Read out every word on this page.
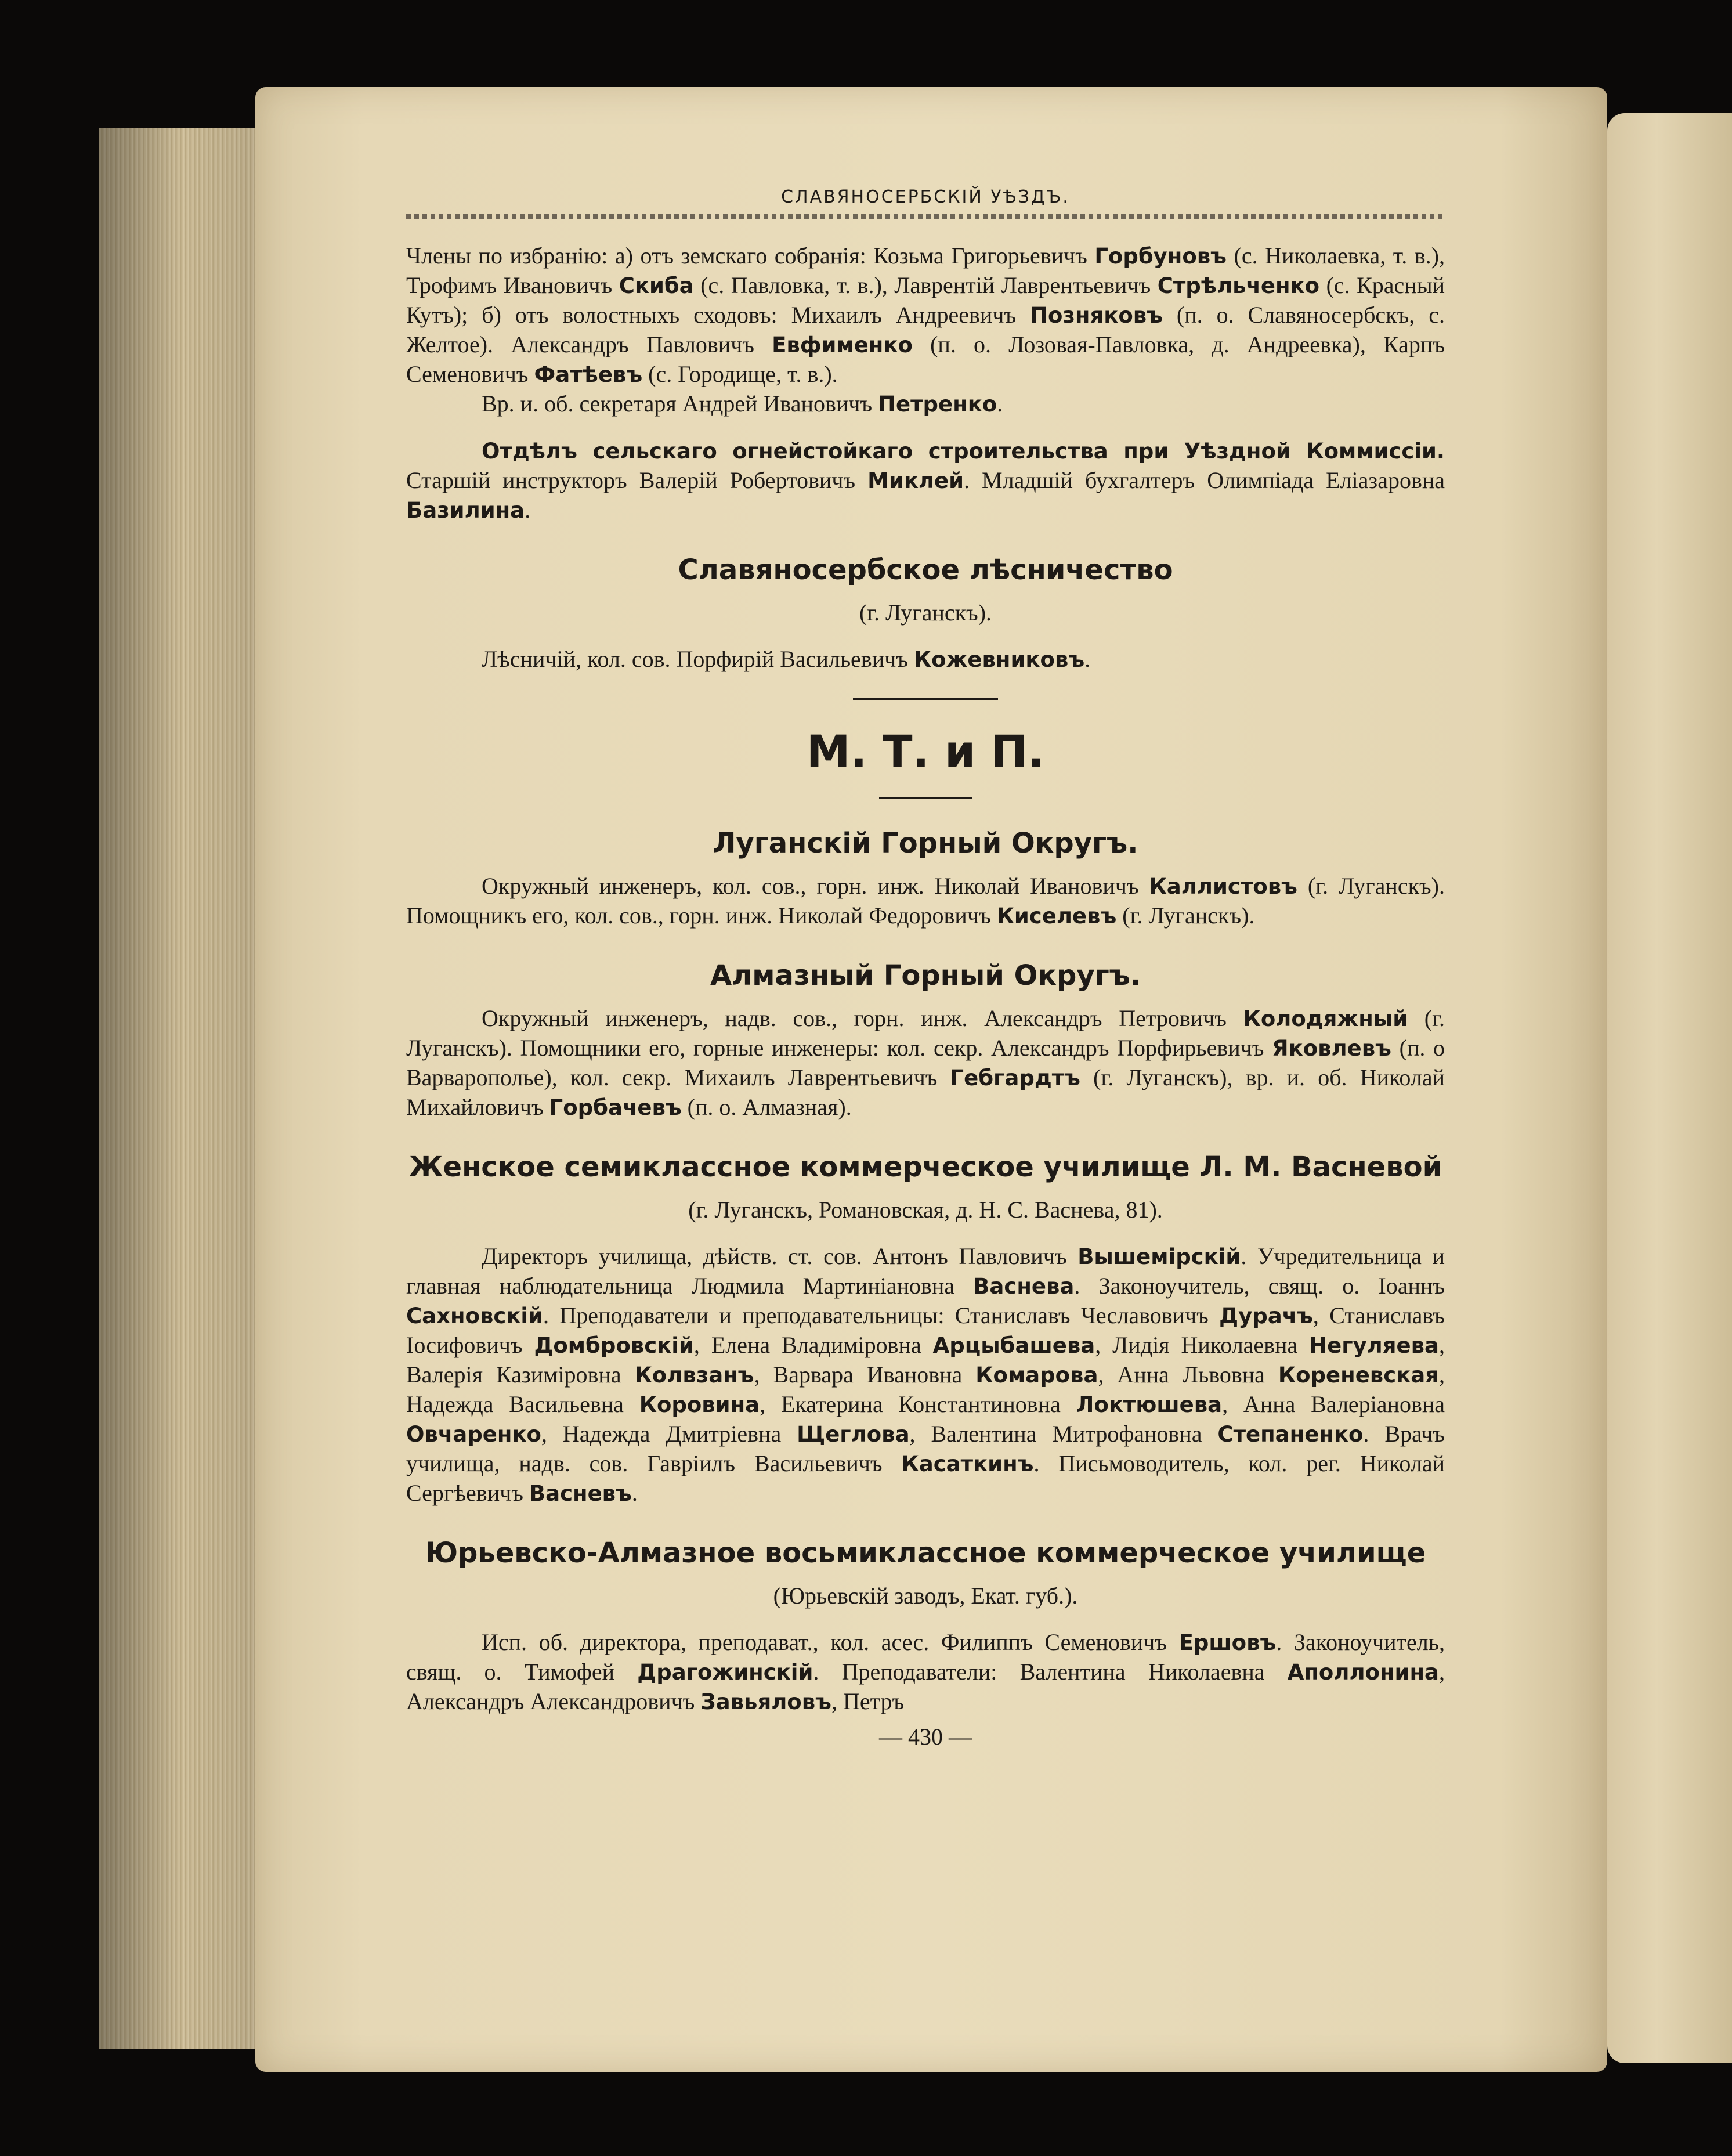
СЛАВЯНОСЕРБСКІЙ УѢЗДЪ.

Члены по избранію: а) отъ земскаго собранія: Козьма Григорьевичъ Горбуновъ (с. Николаевка, т. в.), Трофимъ Ивановичъ Скиба (с. Павловка, т. в.), Лаврентій Лаврентьевичъ Стрѣльченко (с. Красный Кутъ); б) отъ волостныхъ сходовъ: Михаилъ Андреевичъ Позняковъ (п. о. Славяносербскъ, с. Желтое). Александръ Павловичъ Евфименко (п. о. Лозовая-Павловка, д. Андреевка), Карпъ Семеновичъ Фатѣевъ (с. Городище, т. в.).

Вр. и. об. секретаря Андрей Ивановичъ Петренко.

Отдѣлъ сельскаго огнейстойкаго строительства при Уѣздной Коммиссіи. Старшій инструкторъ Валерій Робертовичъ Миклей. Младшій бухгалтеръ Олимпіада Еліазаровна Базилина.

Славяносербское лѣсничество
(г. Луганскъ).

Лѣсничій, кол. сов. Порфирій Васильевичъ Кожевниковъ.

М. Т. и П.
Луганскій Горный Округъ.

Окружный инженеръ, кол. сов., горн. инж. Николай Ивановичъ Каллистовъ (г. Луганскъ). Помощникъ его, кол. сов., горн. инж. Николай Федоровичъ Киселевъ (г. Луганскъ).

Алмазный Горный Округъ.

Окружный инженеръ, надв. сов., горн. инж. Александръ Петровичъ Колодяжный (г. Луганскъ). Помощники его, горные инженеры: кол. секр. Александръ Порфирьевичъ Яковлевъ (п. о Варварополье), кол. секр. Михаилъ Лаврентьевичъ Гебгардтъ (г. Луганскъ), вр. и. об. Николай Михайловичъ Горбачевъ (п. о. Алмазная).

Женское семиклассное коммерческое училище Л. М. Васневой
(г. Луганскъ, Романовская, д. Н. С. Васнева, 81).

Директоръ училища, дѣйств. ст. сов. Антонъ Павловичъ Вышемірскій. Учредительница и главная наблюдательница Людмила Мартиніановна Васнева. Законоучитель, свящ. о. Іоаннъ Сахновскій. Преподаватели и преподавательницы: Станиславъ Чеславовичъ Дурачъ, Станиславъ Іосифовичъ Домбровскій, Елена Владиміровна Арцыбашева, Лидія Николаевна Негуляева, Валерія Казиміровна Колвзанъ, Варвара Ивановна Комарова, Анна Львовна Кореневская, Надежда Васильевна Коровина, Екатерина Константиновна Локтюшева, Анна Валеріановна Овчаренко, Надежда Дмитріевна Щеглова, Валентина Митрофановна Степаненко. Врачъ училища, надв. сов. Гавріилъ Васильевичъ Касаткинъ. Письмоводитель, кол. рег. Николай Сергѣевичъ Васневъ.

Юрьевско-Алмазное восьмиклассное коммерческое училище
(Юрьевскій заводъ, Екат. губ.).

Исп. об. директора, преподават., кол. асес. Филиппъ Семеновичъ Ершовъ. Законоучитель, свящ. о. Тимофей Драгожинскій. Преподаватели: Валентина Николаевна Аполлонина, Александръ Александровичъ Завьяловъ, Петръ

— 430 —
